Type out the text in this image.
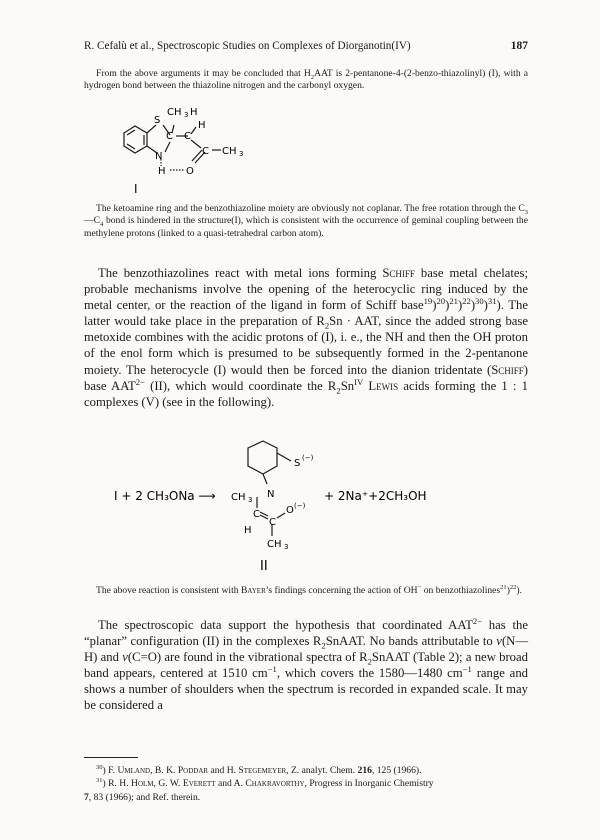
R. Cefalù et al., Spectroscopic Studies on Complexes of Diorganotin(IV)	187

From the above arguments it may be concluded that $H_2AAT$ is 2-pentanone-4-(2-benzo-thiazolinyl) (I), with a hydrogen bond between the thiazoline nitrogen and the carbonyl oxygen.

S
CH 3 H
C C
H
N	C CH 3
H O
I

The ketoamine ring and the benzothiazoline moiety are obviously not coplanar. The free rotation through the $C_3—C_4$ bond is hindered in the structure(I), which is consistent with the occurrence of geminal coupling between the methylene protons (linked to a quasi-tetrahedral carbon atom).

The benzothiazolines react with metal ions forming Schiff base metal chelates; probable mechanisms involve the opening of the heterocyclic ring induced by the metal center, or the reaction of the ligand in form of Schiff base$^{19}$)$^{20}$)$^{21}$)$^{22}$)$^{30}$)$^{31}$). The latter would take place in the preparation of $R_2Sn$ · AAT, since the added strong base metoxide combines with the acidic protons of (I), i. e., the NH and then the OH proton of the enol form which is presumed to be subsequently formed in the 2-pentanone moiety. The heterocycle (I) would then be forced into the dianion tridentate (Schiff) base $AAT^{2-}$ (II), which would coordinate the $R_2Sn^{IV}$ Lewis acids forming the 1 : 1 complexes (V) (see in the following).

I + 2 CH₃ONa ⟶
S (−)
CH 3 N
C
C
H
O (−)
CH 3
+ 2Na⁺+2CH₃OH
II

The above reaction is consistent with Bayer’s findings concerning the action of OH− on benzothiazolines$^{21}$)$^{22}$).

The spectroscopic data support the hypothesis that coordinated $AAT^{2-}$ has the “planar” configuration (II) in the complexes $R_2SnAAT$. No bands attributable to ν(N—H) and ν(C=O) are found in the vibrational spectra of $R_2SnAAT$ (Table 2); a new broad band appears, centered at 1510 $cm^{-1}$, which covers the 1580—1480 $cm^{-1}$ range and shows a number of shoulders when the spectrum is recorded in expanded scale. It may be considered a

$^{30}$) F. Umland, B. K. Poddar and H. Stegemeyer, Z. analyt. Chem. 216, 125 (1966).

$^{31}$) R. H. Holm, G. W. Everett and A. Chakravorthy, Progress in Inorganic Chemistry

7, 83 (1966); and Ref. therein.
